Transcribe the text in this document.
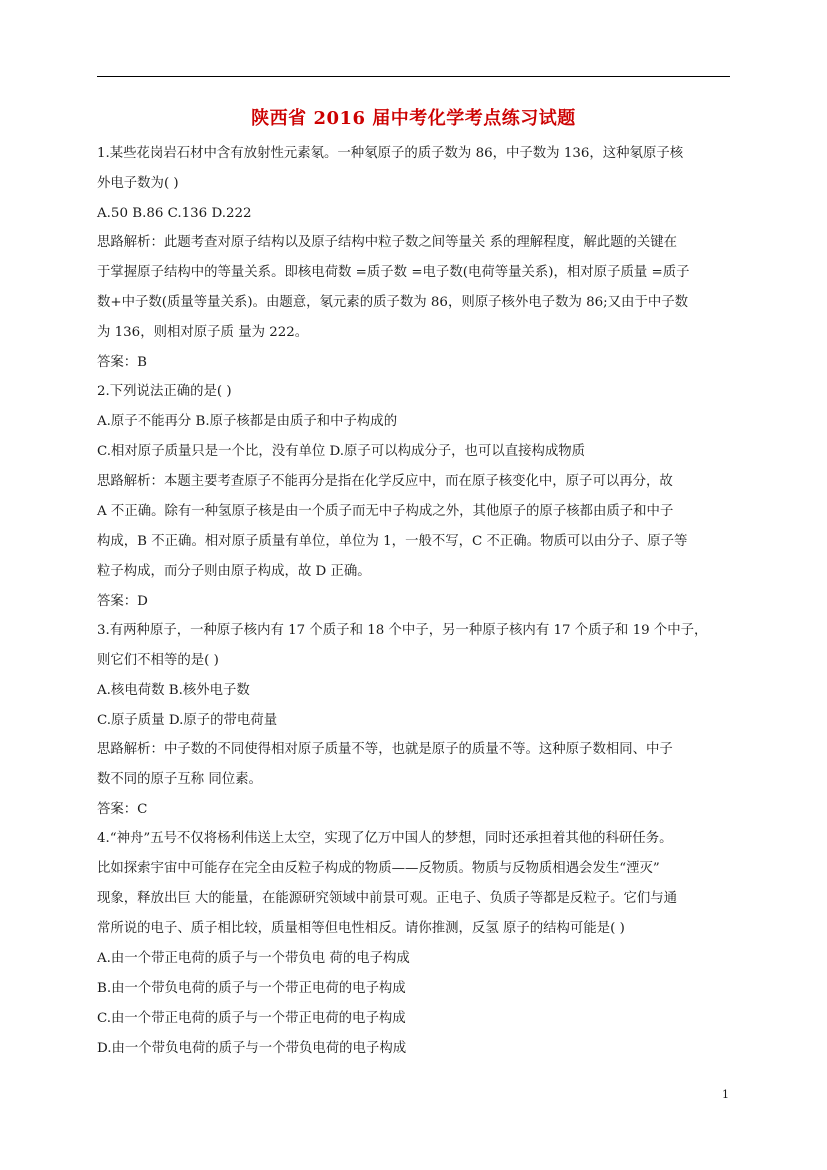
陕西省 2016 届中考化学考点练习试题
1.某些花岗岩石材中含有放射性元素氡。一种氡原子的质子数为 86，中子数为 136，这种氡原子核
外电子数为( )
A.50 B.86 C.136 D.222
思路解析：此题考查对原子结构以及原子结构中粒子数之间等量关 系的理解程度，解此题的关键在
于掌握原子结构中的等量关系。即核电荷数 =质子数 =电子数(电荷等量关系)，相对原子质量 =质子
数+中子数(质量等量关系)。由题意，氡元素的质子数为 86，则原子核外电子数为 86;又由于中子数
为 136，则相对原子质 量为 222。
答案：B
2.下列说法正确的是( )
A.原子不能再分 B.原子核都是由质子和中子构成的
C.相对原子质量只是一个比，没有单位 D.原子可以构成分子，也可以直接构成物质
思路解析：本题主要考查原子不能再分是指在化学反应中，而在原子核变化中，原子可以再分，故
A 不正确。除有一种氢原子核是由一个质子而无中子构成之外，其他原子的原子核都由质子和中子
构成，B 不正确。相对原子质量有单位，单位为 1，一般不写，C 不正确。物质可以由分子、原子等
粒子构成，而分子则由原子构成，故 D 正确。
答案：D
3.有两种原子，一种原子核内有 17 个质子和 18 个中子，另一种原子核内有 17 个质子和 19 个中子，
则它们不相等的是( )
A.核电荷数 B.核外电子数
C.原子质量 D.原子的带电荷量
思路解析：中子数的不同使得相对原子质量不等，也就是原子的质量不等。这种原子数相同、中子
数不同的原子互称 同位素。
答案：C
4.“神舟”五号不仅将杨利伟送上太空，实现了亿万中国人的梦想，同时还承担着其他的科研任务。
比如探索宇宙中可能存在完全由反粒子构成的物质——反物质。物质与反物质相遇会发生“湮灭”
现象，释放出巨 大的能量，在能源研究领域中前景可观。正电子、负质子等都是反粒子。它们与通
常所说的电子、质子相比较，质量相等但电性相反。请你推测，反氢 原子的结构可能是( )
A.由一个带正电荷的质子与一个带负电 荷的电子构成
B.由一个带负电荷的质子与一个带正电荷的电子构成
C.由一个带正电荷的质子与一个带正电荷的电子构成
D.由一个带负电荷的质子与一个带负电荷的电子构成
1
